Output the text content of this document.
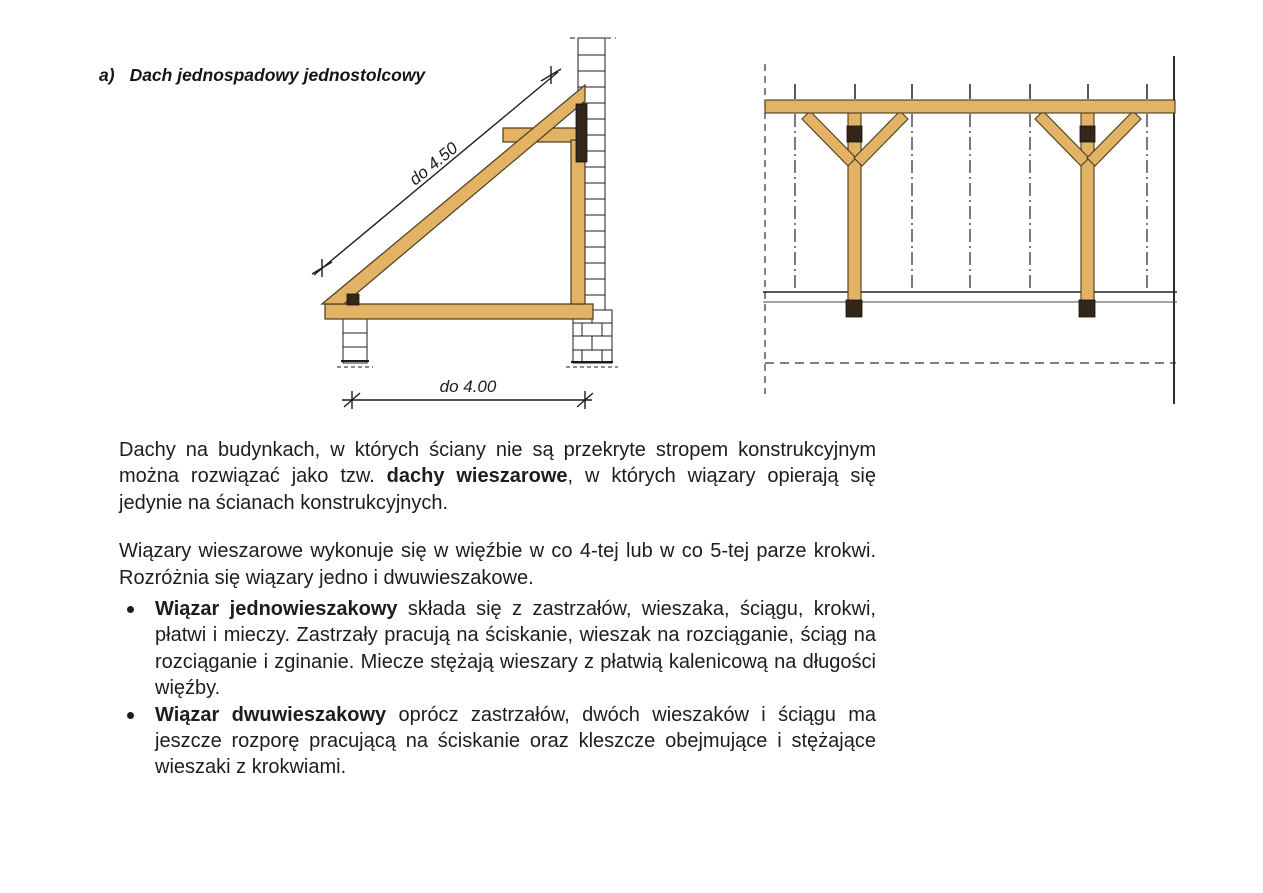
a) Dach jednospadowy jednostolcowy
do 4.50
do 4.00

Dachy na budynkach, w których ściany nie są przekryte stropem konstrukcyjnym można rozwiązać jako tzw. dachy wieszarowe, w których wiązary opierają się jedynie na ścianach konstrukcyjnych.

Wiązary wieszarowe wykonuje się w więźbie w co 4-tej lub w co 5-tej parze krokwi. Rozróżnia się wiązary jedno i dwuwieszakowe.

Wiązar jednowieszakowy składa się z zastrzałów, wieszaka, ściągu, krokwi, płatwi i mieczy. Zastrzały pracują na ściskanie, wieszak na rozciąganie, ściąg na rozciąganie i zginanie. Miecze stężają wieszary z płatwią kalenicową na długości więźby.
Wiązar dwuwieszakowy oprócz zastrzałów, dwóch wieszaków i ściągu ma jeszcze rozporę pracującą na ściskanie oraz kleszcze obejmujące i stężające wieszaki z krokwiami.
